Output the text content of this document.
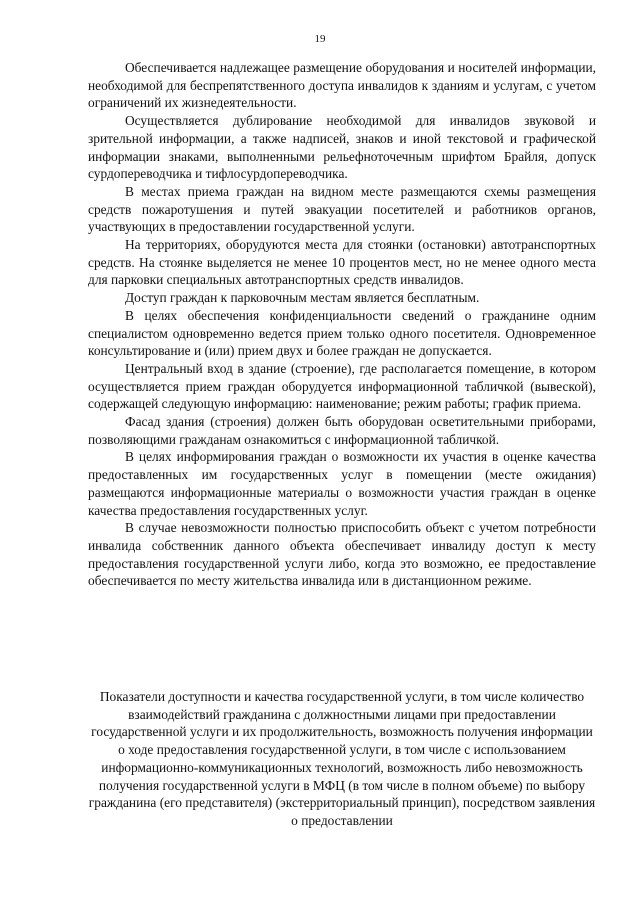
19

Обеспечивается надлежащее размещение оборудования и носителей информации, необходимой для беспрепятственного доступа инвалидов к зданиям и услугам, с учетом ограничений их жизнедеятельности.

Осуществляется дублирование необходимой для инвалидов звуковой и зрительной информации, а также надписей, знаков и иной текстовой и графической информации знаками, выполненными рельефноточечным шрифтом Брайля, допуск сурдопереводчика и тифлосурдопереводчика.

В местах приема граждан на видном месте размещаются схемы размещения средств пожаротушения и путей эвакуации посетителей и работников органов, участвующих в предоставлении государственной услуги.

На территориях, оборудуются места для стоянки (остановки) автотранспортных средств. На стоянке выделяется не менее 10 процентов мест, но не менее одного места для парковки специальных автотранспортных средств инвалидов.

Доступ граждан к парковочным местам является бесплатным.

В целях обеспечения конфиденциальности сведений о гражданине одним специалистом одновременно ведется прием только одного посетителя. Одновременное консультирование и (или) прием двух и более граждан не допускается.

Центральный вход в здание (строение), где располагается помещение, в котором осуществляется прием граждан оборудуется информационной табличкой (вывеской), содержащей следующую информацию: наименование; режим работы; график приема.

Фасад здания (строения) должен быть оборудован осветительными приборами, позволяющими гражданам ознакомиться с информационной табличкой.

В целях информирования граждан о возможности их участия в оценке качества предоставленных им государственных услуг в помещении (месте ожидания) размещаются информационные материалы о возможности участия граждан в оценке качества предоставления государственных услуг.

В случае невозможности полностью приспособить объект с учетом потребности инвалида собственник данного объекта обеспечивает инвалиду доступ к месту предоставления государственной услуги либо, когда это возможно, ее предоставление обеспечивается по месту жительства инвалида или в дистанционном режиме.

Показатели доступности и качества государственной услуги, в том числе количество взаимодействий гражданина с должностными лицами при предоставлении государственной услуги и их продолжительность, возможность получения информации о ходе предоставления государственной услуги, в том числе с использованием информационно-коммуникационных технологий, возможность либо невозможность получения государственной услуги в МФЦ (в том числе в полном объеме) по выбору гражданина (его представителя) (экстерриториальный принцип), посредством заявления о предоставлении
